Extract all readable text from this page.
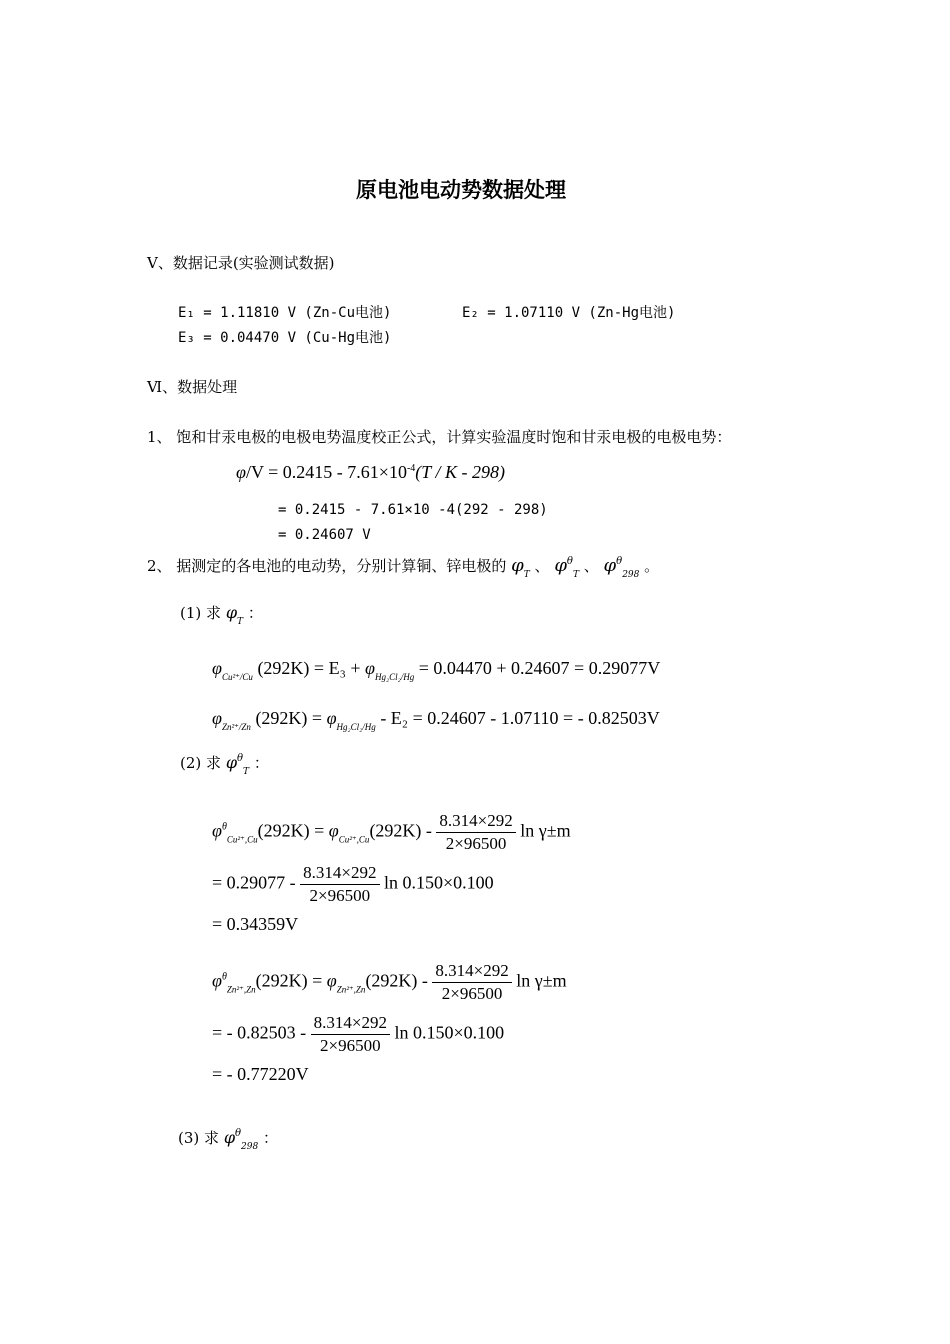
原电池电动势数据处理
Ⅴ、数据记录(实验测试数据)
E₁ = 1.11810 V (Zn-Cu电池)	E₂ = 1.07110 V (Zn-Hg电池)
E₃ = 0.04470 V (Cu-Hg电池)
Ⅵ、数据处理
1、 饱和甘汞电极的电极电势温度校正公式，计算实验温度时饱和甘汞电极的电极电势：
$\varphi/V = 0.2415 - 7.61\times 10^{-4}(T / K - 298)$
= 0.2415 - 7.61×10 -4(292 - 298)
= 0.24607 V
2、 据测定的各电池的电动势，分别计算铜、锌电极的 $\varphi_T$ 、 $\varphi^\theta_T$ 、 $\varphi^\theta_{298}$ 。
(1) 求 $\varphi_T$ ：
$\varphi_{Cu^{2+}/Cu}$ $(292K) = E_3 + \varphi_{Hg_2Cl_2/Hg} = 0.04470 + 0.24607 = 0.29077V$
$\varphi_{Zn^{2+}/Zn}$ $(292K) = \varphi_{Hg_2Cl_2/Hg} - E_2 = 0.24607 - 1.07110$ = - 0.82503V
(2) 求 $\varphi^\theta_T$ ：
$\varphi^\theta_{Cu^{2+},Cu}(292K) = \varphi_{Cu^{2+},Cu}(292K) - \frac{8.314\times 292}{2\times 96500}$ ln γ±m
= $0.29077 - \frac{8.314\times 292}{2\times 96500}$ ln 0.150×0.100
= 0.34359V
$\varphi^\theta_{Zn^{2+},Zn}(292K) = \varphi_{Zn^{2+},Zn}(292K) - \frac{8.314\times 292}{2\times 96500}$ ln γ±m
= - $0.82503 - \frac{8.314\times 292}{2\times 96500}$ ln 0.150×0.100
= - 0.77220V
(3) 求 $\varphi^\theta_{298}$ ：
